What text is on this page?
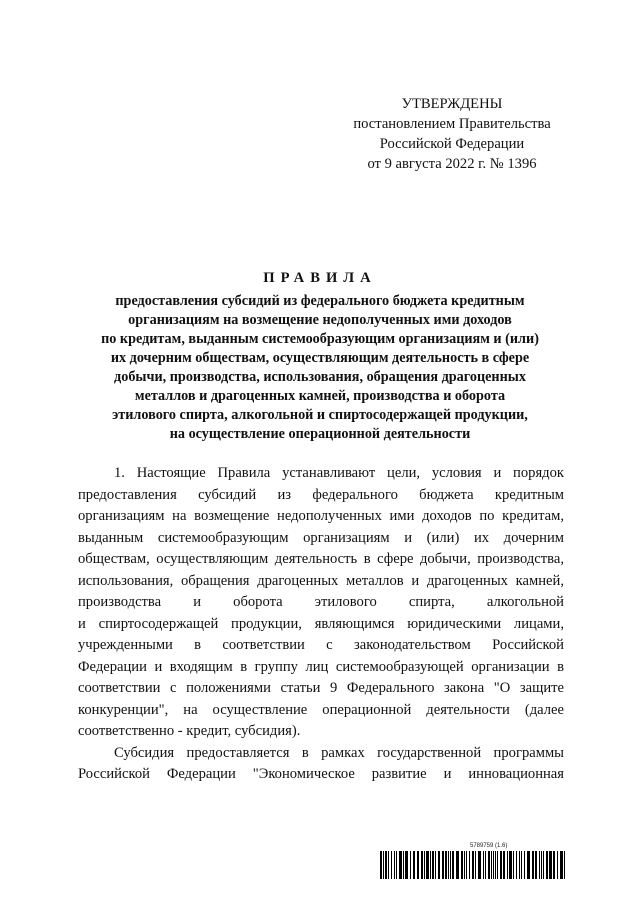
УТВЕРЖДЕНЫ
постановлением Правительства
Российской Федерации
от 9 августа 2022 г. № 1396
ПРАВИЛА
предоставления субсидий из федерального бюджета кредитным
организациям на возмещение недополученных ими доходов
по кредитам, выданным системообразующим организациям и (или)
их дочерним обществам, осуществляющим деятельность в сфере
добычи, производства, использования, обращения драгоценных
металлов и драгоценных камней, производства и оборота
этилового спирта, алкогольной и спиртосодержащей продукции,
на осуществление операционной деятельности
1. Настоящие Правила устанавливают цели, условия и порядок
предоставления субсидий из федерального бюджета кредитным
организациям на возмещение недополученных ими доходов по кредитам,
выданным системообразующим организациям и (или) их дочерним
обществам, осуществляющим деятельность в сфере добычи, производства,
использования, обращения драгоценных металлов и драгоценных камней,
производства и оборота этилового спирта, алкогольной
и спиртосодержащей продукции, являющимся юридическими лицами,
учрежденными в соответствии с законодательством Российской
Федерации и входящим в группу лиц системообразующей организации в
соответствии с положениями статьи 9 Федерального закона "О защите
конкуренции", на осуществление операционной деятельности (далее
соответственно - кредит, субсидия).
Субсидия предоставляется в рамках государственной программы
Российской Федерации "Экономическое развитие и инновационная
5789759 (1.6)
